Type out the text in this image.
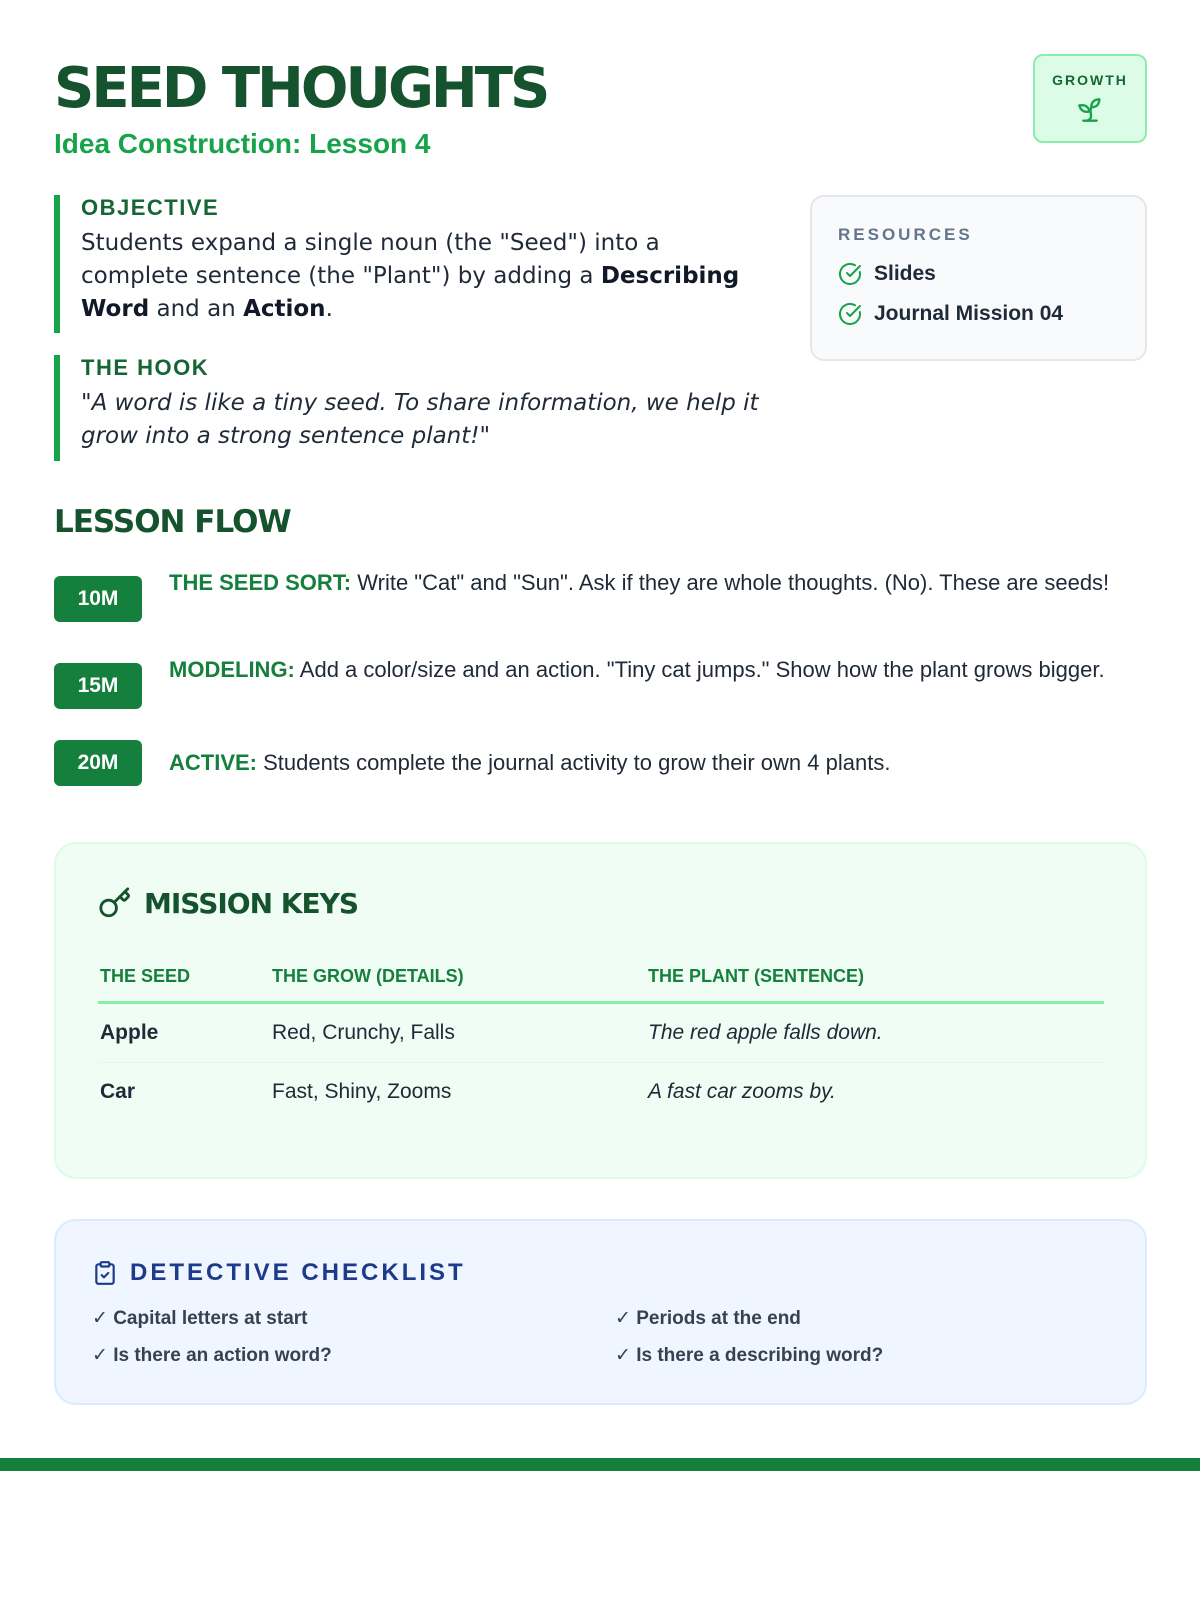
SEED THOUGHTS
Idea Construction: Lesson 4
GROWTH
OBJECTIVE
Students expand a single noun (the "Seed") into a complete sentence (the "Plant") by adding a Describing Word and an Action.
THE HOOK
"A word is like a tiny seed. To share information, we help it grow into a strong sentence plant!"
RESOURCES
Slides
Journal Mission 04
LESSON FLOW
10M
THE SEED SORT: Write "Cat" and "Sun". Ask if they are whole thoughts. (No). These are seeds!
15M
MODELING: Add a color/size and an action. "Tiny cat jumps." Show how the plant grows bigger.
20M	ACTIVE: Students complete the journal activity to grow their own 4 plants.
MISSION KEYS
THE SEED	THE GROW (DETAILS)	THE PLANT (SENTENCE)
Apple	Red, Crunchy, Falls	The red apple falls down.
Car	Fast, Shiny, Zooms	A fast car zooms by.
DETECTIVE CHECKLIST
✓ Capital letters at start	✓ Periods at the end
✓ Is there an action word?	✓ Is there a describing word?
